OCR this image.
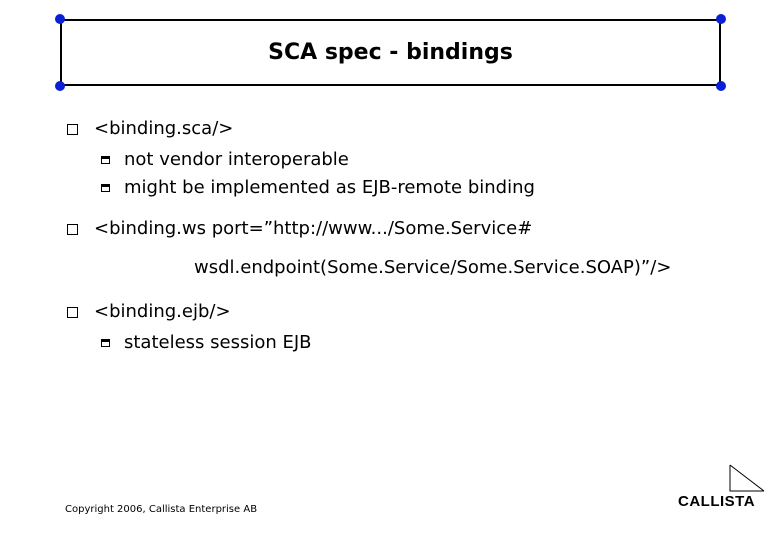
SCA spec - bindings
<binding.sca/>
not vendor interoperable
might be implemented as EJB-remote binding
<binding.ws port=”http://www.../Some.Service#
wsdl.endpoint(Some.Service/Some.Service.SOAP)”/>
<binding.ejb/>
stateless session EJB
Copyright 2006, Callista Enterprise AB	CALLISTA
